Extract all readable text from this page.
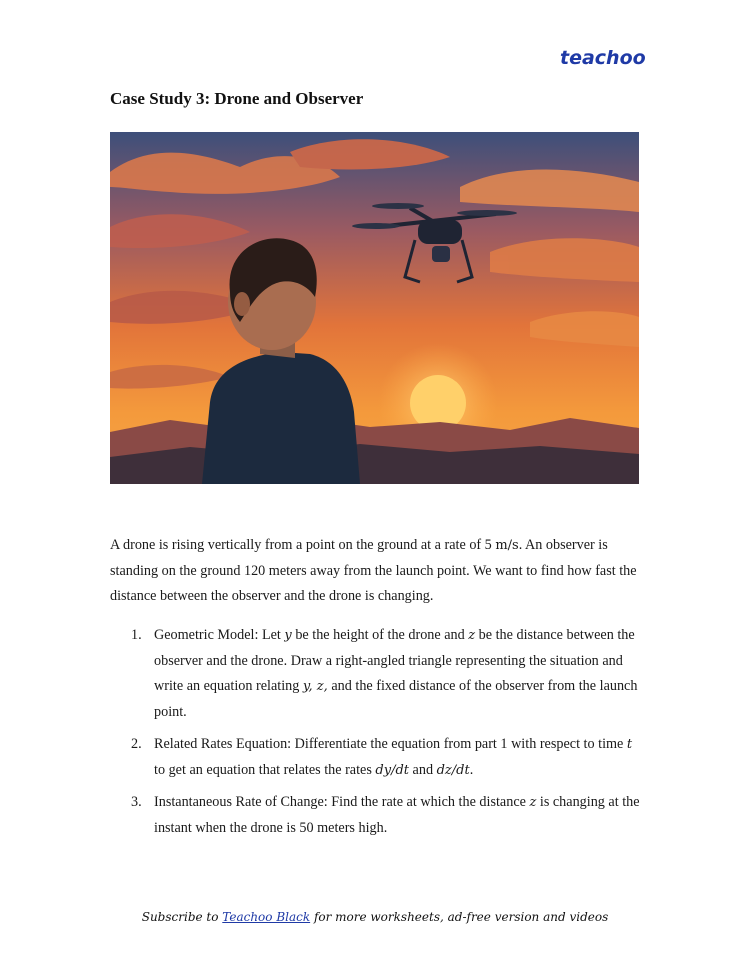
teachoo
Case Study 3: Drone and Observer

A drone is rising vertically from a point on the ground at a rate of 5 m/s. An observer is standing on the ground 120 meters away from the launch point. We want to find how fast the distance between the observer and the drone is changing.

1. Geometric Model: Let y be the height of the drone and z be the distance between the observer and the drone. Draw a right-angled triangle representing the situation and write an equation relating y, z, and the fixed distance of the observer from the launch point.
2. Related Rates Equation: Differentiate the equation from part 1 with respect to time t to get an equation that relates the rates dy/dt and dz/dt.
3. Instantaneous Rate of Change: Find the rate at which the distance z is changing at the instant when the drone is 50 meters high.
Subscribe to Teachoo Black for more worksheets, ad-free version and videos
